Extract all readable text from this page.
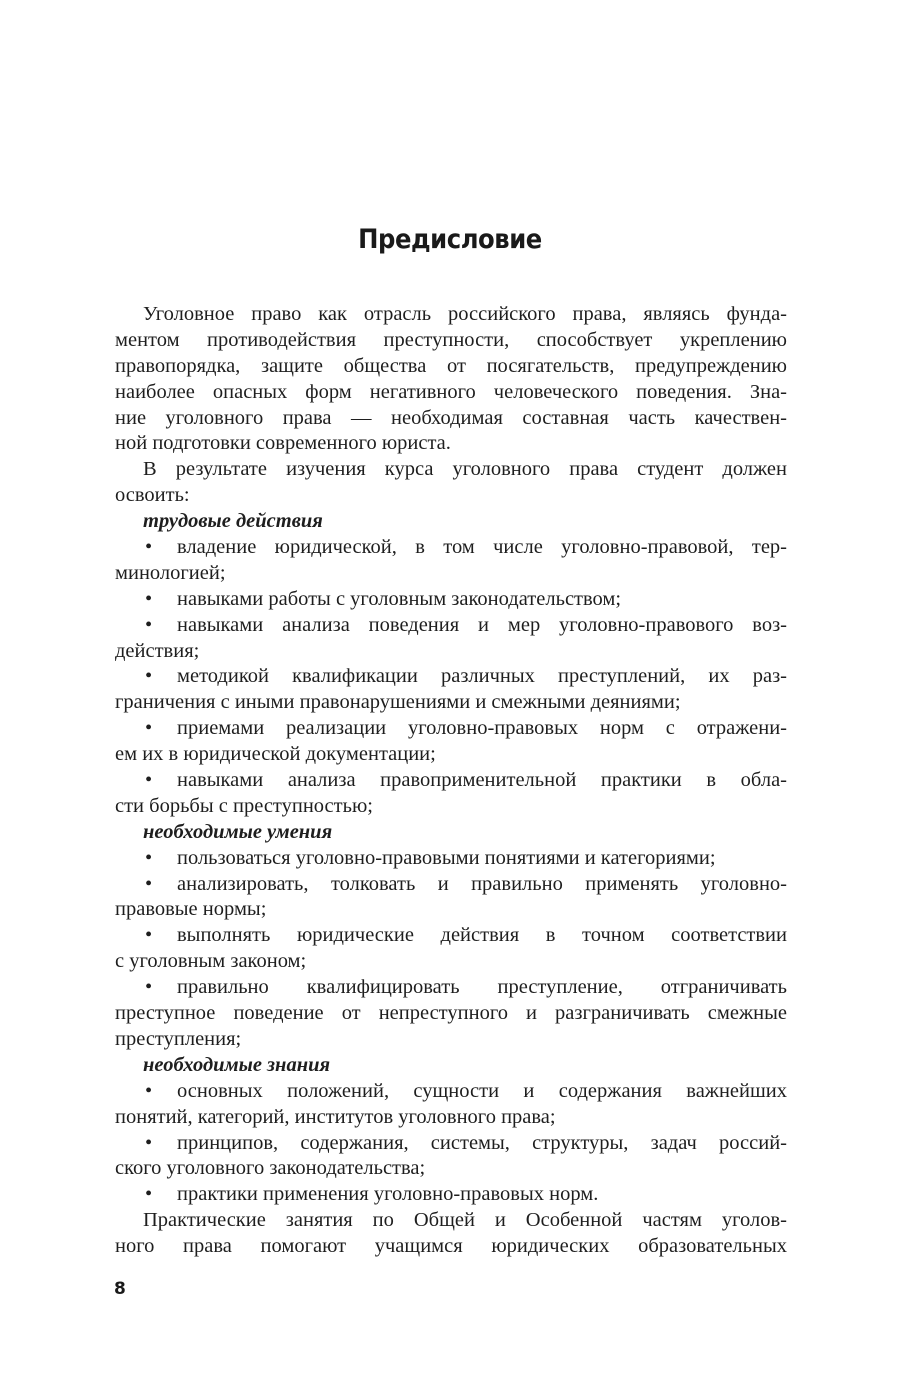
Предисловие
Уголовное право как отрасль российского права, являясь фунда-
ментом противодействия преступности, способствует укреплению
правопорядка, защите общества от посягательств, предупреждению
наиболее опасных форм негативного человеческого поведения. Зна-
ние уголовного права — необходимая составная часть качествен-
ной подготовки современного юриста.
В результате изучения курса уголовного права студент должен
освоить:
трудовые действия
• владение юридической, в том числе уголовно-правовой, тер-
минологией;
• навыками работы с уголовным законодательством;
• навыками анализа поведения и мер уголовно-правового воз-
действия;
• методикой квалификации различных преступлений, их раз-
граничения с иными правонарушениями и смежными деяниями;
• приемами реализации уголовно-правовых норм с отражени-
ем их в юридической документации;
• навыками анализа правоприменительной практики в обла-
сти борьбы с преступностью;
необходимые умения
• пользоваться уголовно-правовыми понятиями и категориями;
• анализировать, толковать и правильно применять уголовно-
правовые нормы;
• выполнять юридические действия в точном соответствии
с уголовным законом;
• правильно квалифицировать преступление, отграничивать
преступное поведение от непреступного и разграничивать смежные
преступления;
необходимые знания
• основных положений, сущности и содержания важнейших
понятий, категорий, институтов уголовного права;
• принципов, содержания, системы, структуры, задач россий-
ского уголовного законодательства;
• практики применения уголовно-правовых норм.
Практические занятия по Общей и Особенной частям уголов-
ного права помогают учащимся юридических образовательных
8
